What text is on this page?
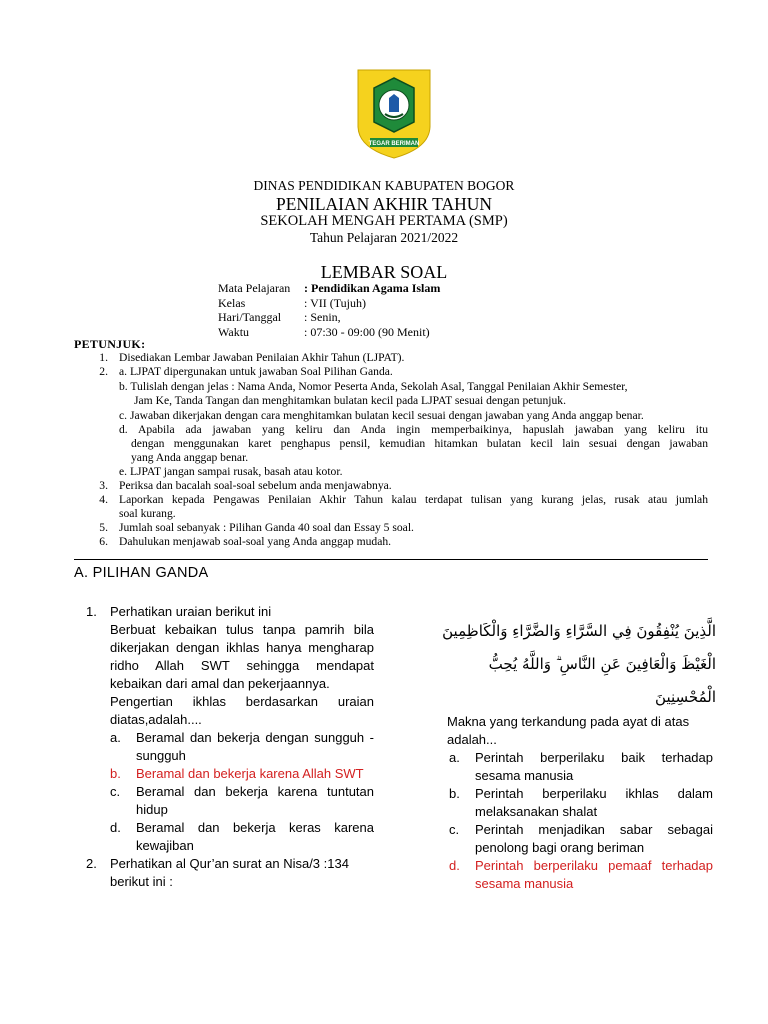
TEGAR BERIMAN
DINAS PENDIDIKAN KABUPATEN BOGOR
PENILAIAN AKHIR TAHUN
SEKOLAH MENGAH PERTAMA (SMP)
Tahun Pelajaran 2021/2022
LEMBAR SOAL
Mata Pelajaran	: Pendidikan Agama Islam
Kelas	: VII (Tujuh)
Hari/Tanggal	: Senin,
Waktu	: 07:30 - 09:00 (90 Menit)
PETUNJUK:
1. Disediakan Lembar Jawaban Penilaian Akhir Tahun (LJPAT).
2. a. LJPAT dipergunakan untuk jawaban Soal Pilihan Ganda.
b. Tulislah dengan jelas : Nama Anda, Nomor Peserta Anda, Sekolah Asal, Tanggal Penilaian Akhir Semester,
Jam Ke, Tanda Tangan dan menghitamkan bulatan kecil pada LJPAT sesuai dengan petunjuk.
c. Jawaban dikerjakan dengan cara menghitamkan bulatan kecil sesuai dengan jawaban yang Anda anggap benar.
d. Apabila ada jawaban yang keliru dan Anda ingin memperbaikinya, hapuslah jawaban yang keliru itu
dengan menggunakan karet penghapus pensil, kemudian hitamkan bulatan kecil lain sesuai dengan jawaban
yang Anda anggap benar.
e. LJPAT jangan sampai rusak, basah atau kotor.
3. Periksa dan bacalah soal-soal sebelum anda menjawabnya.
4. Laporkan kepada Pengawas Penilaian Akhir Tahun kalau terdapat tulisan yang kurang jelas, rusak atau jumlah
soal kurang.
5. Jumlah soal sebanyak : Pilihan Ganda 40 soal dan Essay 5 soal.
6. Dahulukan menjawab soal-soal yang Anda anggap mudah.
A. PILIHAN GANDA
1. Perhatikan uraian berikut ini
Berbuat kebaikan tulus tanpa pamrih bila
dikerjakan dengan ikhlas hanya mengharap
ridho Allah SWT sehingga mendapat
kebaikan dari amal dan pekerjaannya.
Pengertian ikhlas berdasarkan uraian
diatas,adalah....
a. Beramal dan bekerja dengan sungguh -
sungguh
b. Beramal dan bekerja karena Allah SWT
c. Beramal dan bekerja karena tuntutan
hidup
d. Beramal dan bekerja keras karena
kewajiban
2. Perhatikan al Qur’an surat an Nisa/3 :134
berikut ini :
الَّذِينَ يُنْفِقُونَ فِي السَّرَّاءِ وَالضَّرَّاءِ وَالْكَاظِمِينَ
الْغَيْظَ وَالْعَافِينَ عَنِ النَّاسِ ۗ وَاللَّهُ يُحِبُّ
الْمُحْسِنِينَ
Makna yang terkandung pada ayat di atas
adalah...
a. Perintah berperilaku baik terhadap
sesama manusia
b. Perintah berperilaku ikhlas dalam
melaksanakan shalat
c. Perintah menjadikan sabar sebagai
penolong bagi orang beriman
d. Perintah berperilaku pemaaf terhadap
sesama manusia
